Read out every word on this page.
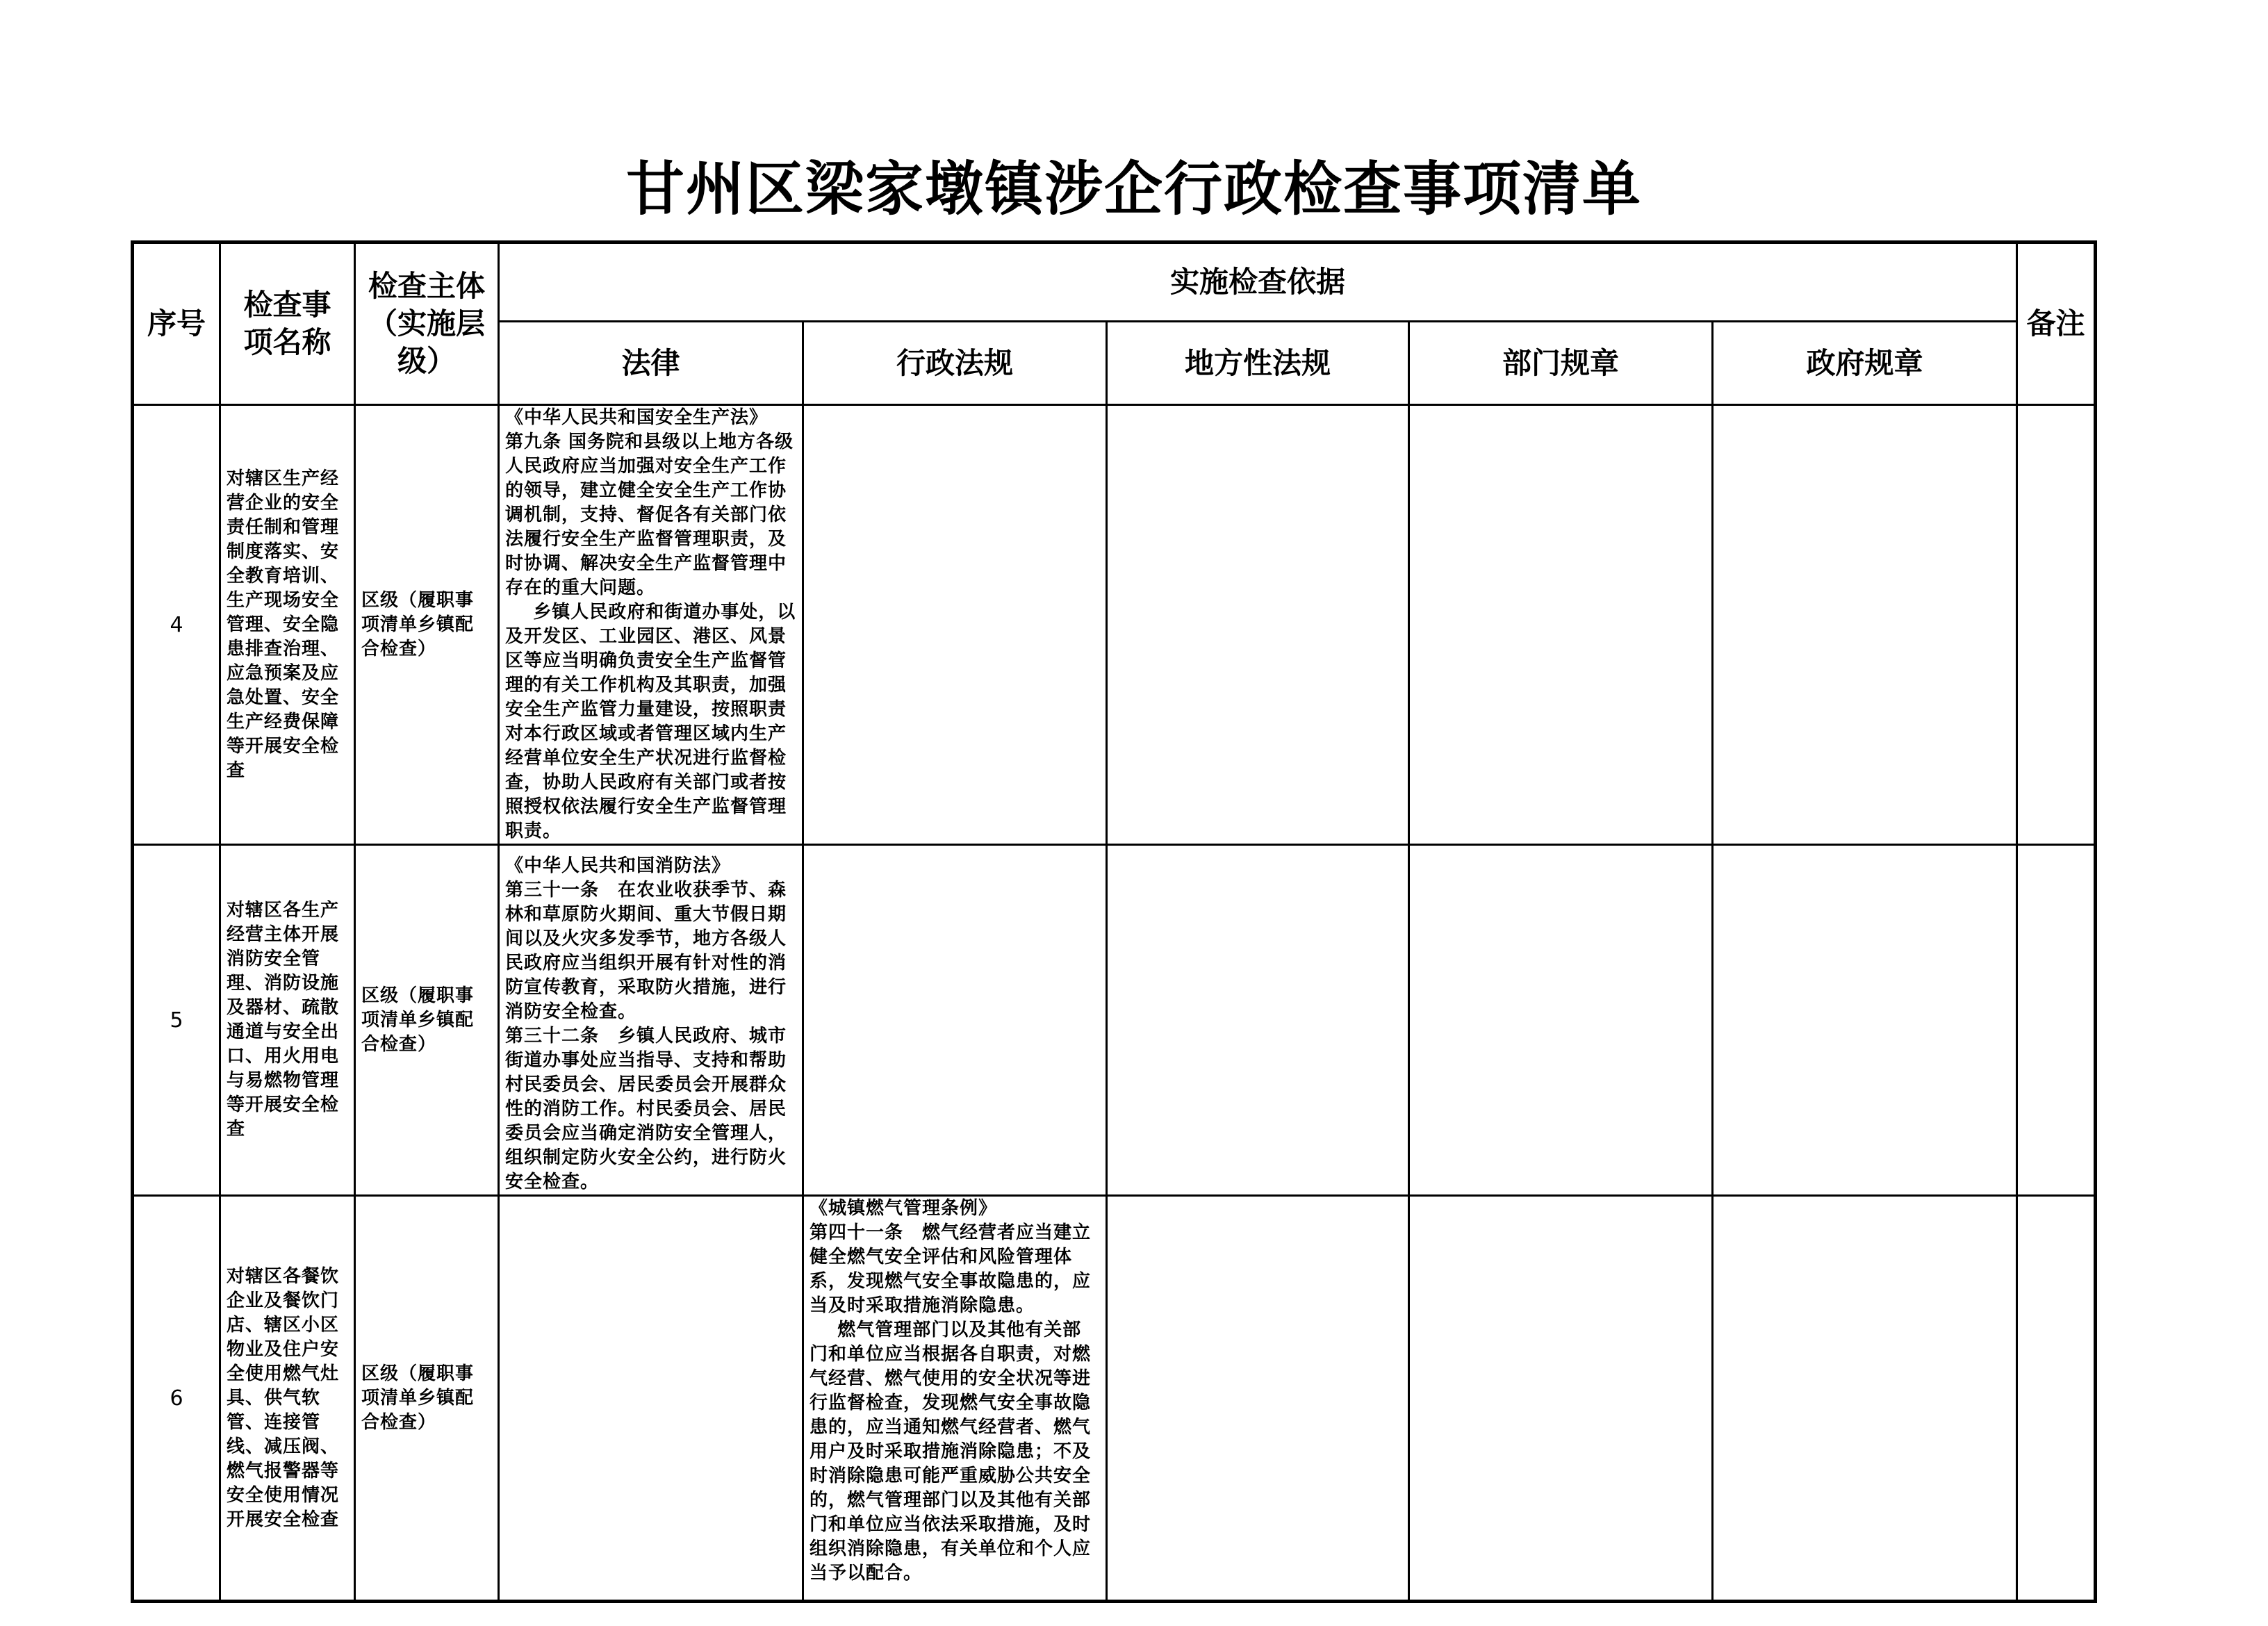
甘州区梁家墩镇涉企行政检查事项清单
序号	检查事项名称	检查主体（实施层级）	实施检查依据					备注
			法律	行政法规	地方性法规	部门规章	政府规章	
4	对辖区生产经营企业的安全责任制和管理制度落实、安全教育培训、生产现场安全管理、安全隐患排查治理、应急预案及应急处置、安全生产经费保障等开展安全检查	区级（履职事项清单乡镇配合检查）	《中华人民共和国安全生产法》
第九条 国务院和县级以上地方各级人民政府应当加强对安全生产工作的领导，建立健全安全生产工作协调机制，支持、督促各有关部门依法履行安全生产监督管理职责，及时协调、解决安全生产监督管理中存在的重大问题。
乡镇人民政府和街道办事处，以及开发区、工业园区、港区、风景区等应当明确负责安全生产监督管理的有关工作机构及其职责，加强安全生产监管力量建设，按照职责对本行政区域或者管理区域内生产经营单位安全生产状况进行监督检查，协助人民政府有关部门或者按照授权依法履行安全生产监督管理职责。					
5	对辖区各生产经营主体开展消防安全管理、消防设施及器材、疏散通道与安全出口、用火用电与易燃物管理等开展安全检查	区级（履职事项清单乡镇配合检查）	《中华人民共和国消防法》
第三十一条　在农业收获季节、森林和草原防火期间、重大节假日期间以及火灾多发季节，地方各级人民政府应当组织开展有针对性的消防宣传教育，采取防火措施，进行消防安全检查。
第三十二条　乡镇人民政府、城市街道办事处应当指导、支持和帮助村民委员会、居民委员会开展群众性的消防工作。村民委员会、居民委员会应当确定消防安全管理人，组织制定防火安全公约，进行防火安全检查。					
6	对辖区各餐饮企业及餐饮门店、辖区小区物业及住户安全使用燃气灶具、供气软管、连接管线、减压阀、燃气报警器等安全使用情况开展安全检查	区级（履职事项清单乡镇配合检查）		《城镇燃气管理条例》
第四十一条　燃气经营者应当建立健全燃气安全评估和风险管理体系，发现燃气安全事故隐患的，应当及时采取措施消除隐患。
燃气管理部门以及其他有关部门和单位应当根据各自职责，对燃气经营、燃气使用的安全状况等进行监督检查，发现燃气安全事故隐患的，应当通知燃气经营者、燃气用户及时采取措施消除隐患；不及时消除隐患可能严重威胁公共安全的，燃气管理部门以及其他有关部门和单位应当依法采取措施，及时组织消除隐患，有关单位和个人应当予以配合。				
